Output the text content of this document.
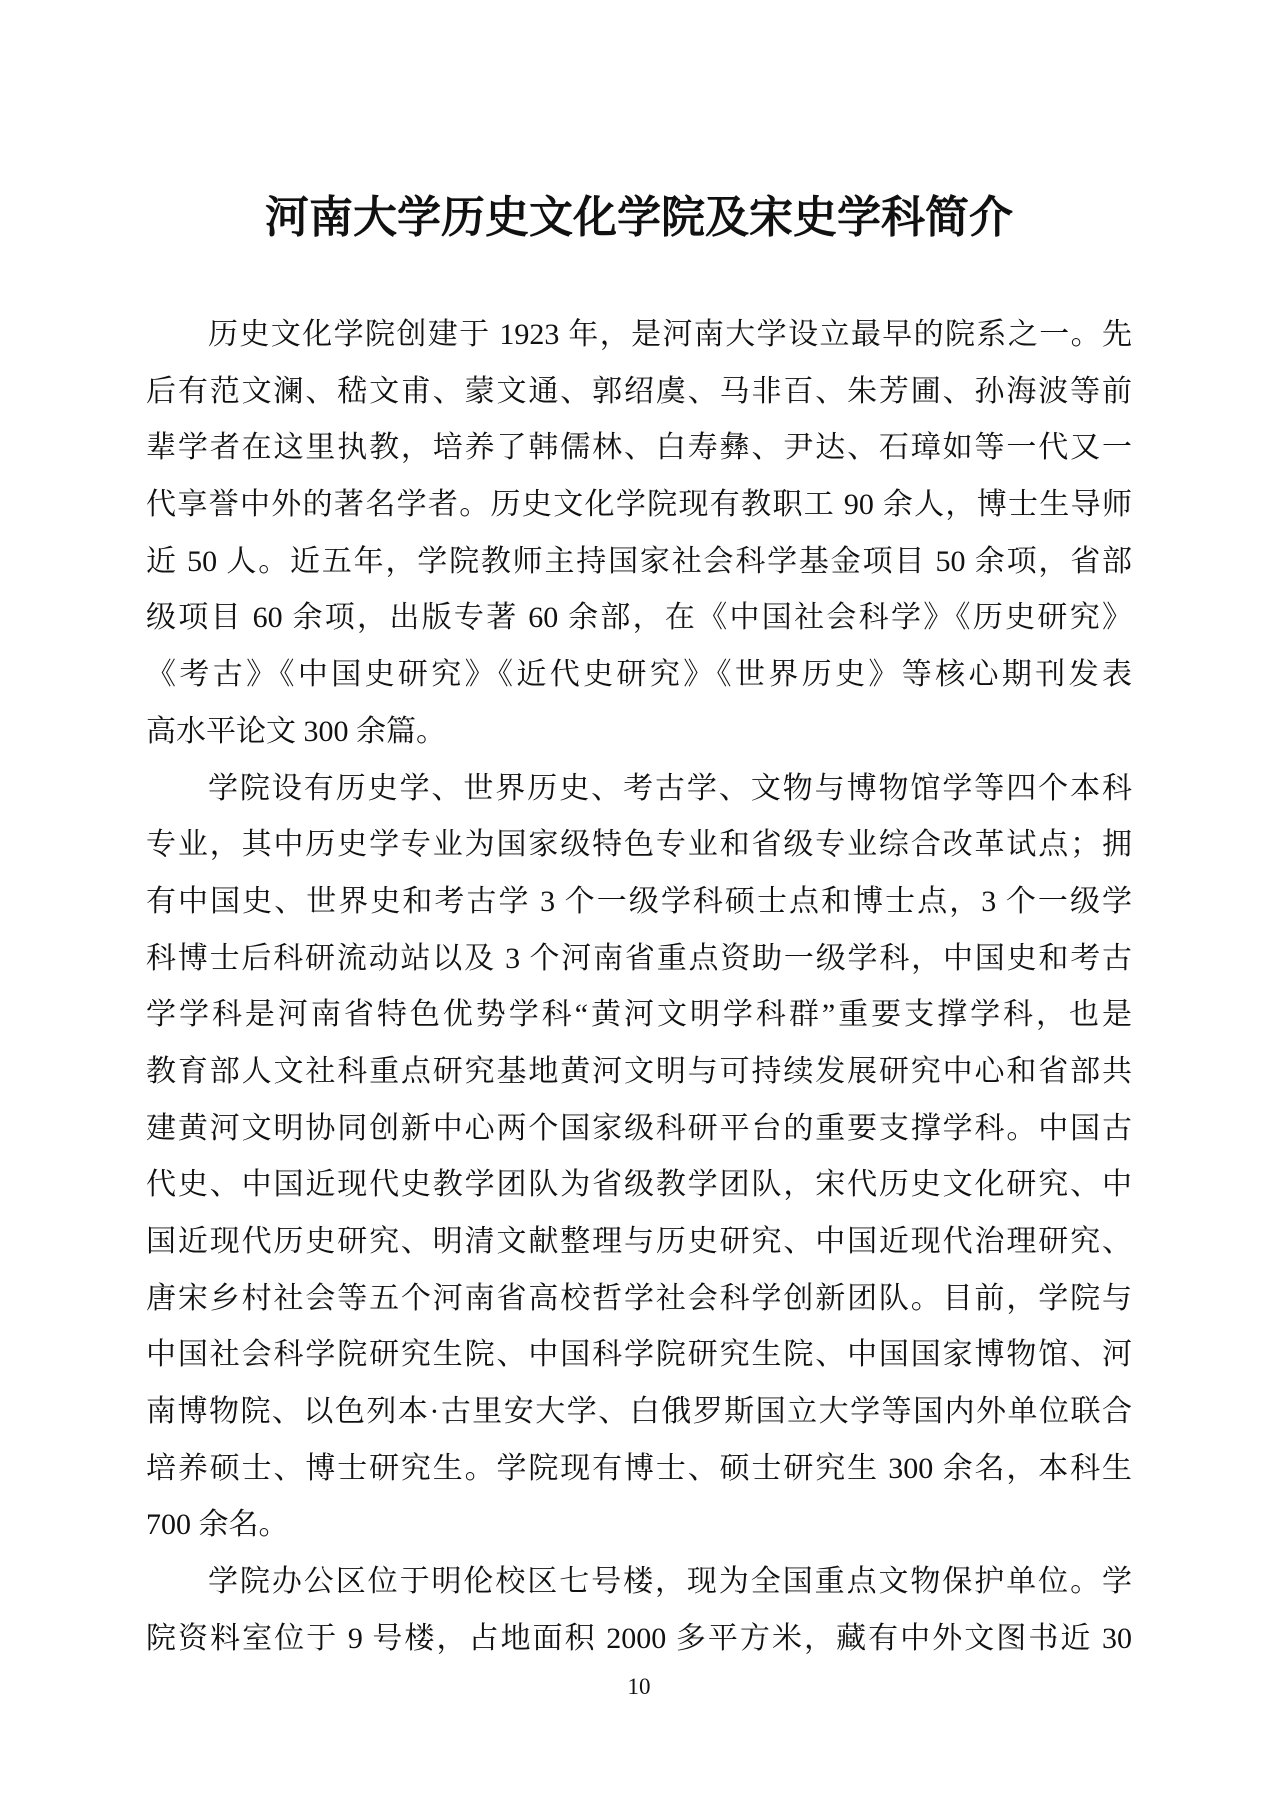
河南大学历史文化学院及宋史学科简介
历史文化学院创建于 1923 年，是河南大学设立最早的院系之一。先
后有范文澜、嵇文甫、蒙文通、郭绍虞、马非百、朱芳圃、孙海波等前
辈学者在这里执教，培养了韩儒林、白寿彝、尹达、石璋如等一代又一
代享誉中外的著名学者。历史文化学院现有教职工 90 余人，博士生导师
近 50 人。近五年，学院教师主持国家社会科学基金项目 50 余项，省部
级项目 60 余项，出版专著 60 余部，在《中国社会科学》《历史研究》
《考古》《中国史研究》《近代史研究》《世界历史》等核心期刊发表
高水平论文 300 余篇。
学院设有历史学、世界历史、考古学、文物与博物馆学等四个本科
专业，其中历史学专业为国家级特色专业和省级专业综合改革试点；拥
有中国史、世界史和考古学 3 个一级学科硕士点和博士点，3 个一级学
科博士后科研流动站以及 3 个河南省重点资助一级学科，中国史和考古
学学科是河南省特色优势学科“黄河文明学科群”重要支撑学科，也是
教育部人文社科重点研究基地黄河文明与可持续发展研究中心和省部共
建黄河文明协同创新中心两个国家级科研平台的重要支撑学科。中国古
代史、中国近现代史教学团队为省级教学团队，宋代历史文化研究、中
国近现代历史研究、明清文献整理与历史研究、中国近现代治理研究、
唐宋乡村社会等五个河南省高校哲学社会科学创新团队。目前，学院与
中国社会科学院研究生院、中国科学院研究生院、中国国家博物馆、河
南博物院、以色列本·古里安大学、白俄罗斯国立大学等国内外单位联合
培养硕士、博士研究生。学院现有博士、硕士研究生 300 余名，本科生
700 余名。
学院办公区位于明伦校区七号楼，现为全国重点文物保护单位。学
院资料室位于 9 号楼，占地面积 2000 多平方米，藏有中外文图书近 30
10
